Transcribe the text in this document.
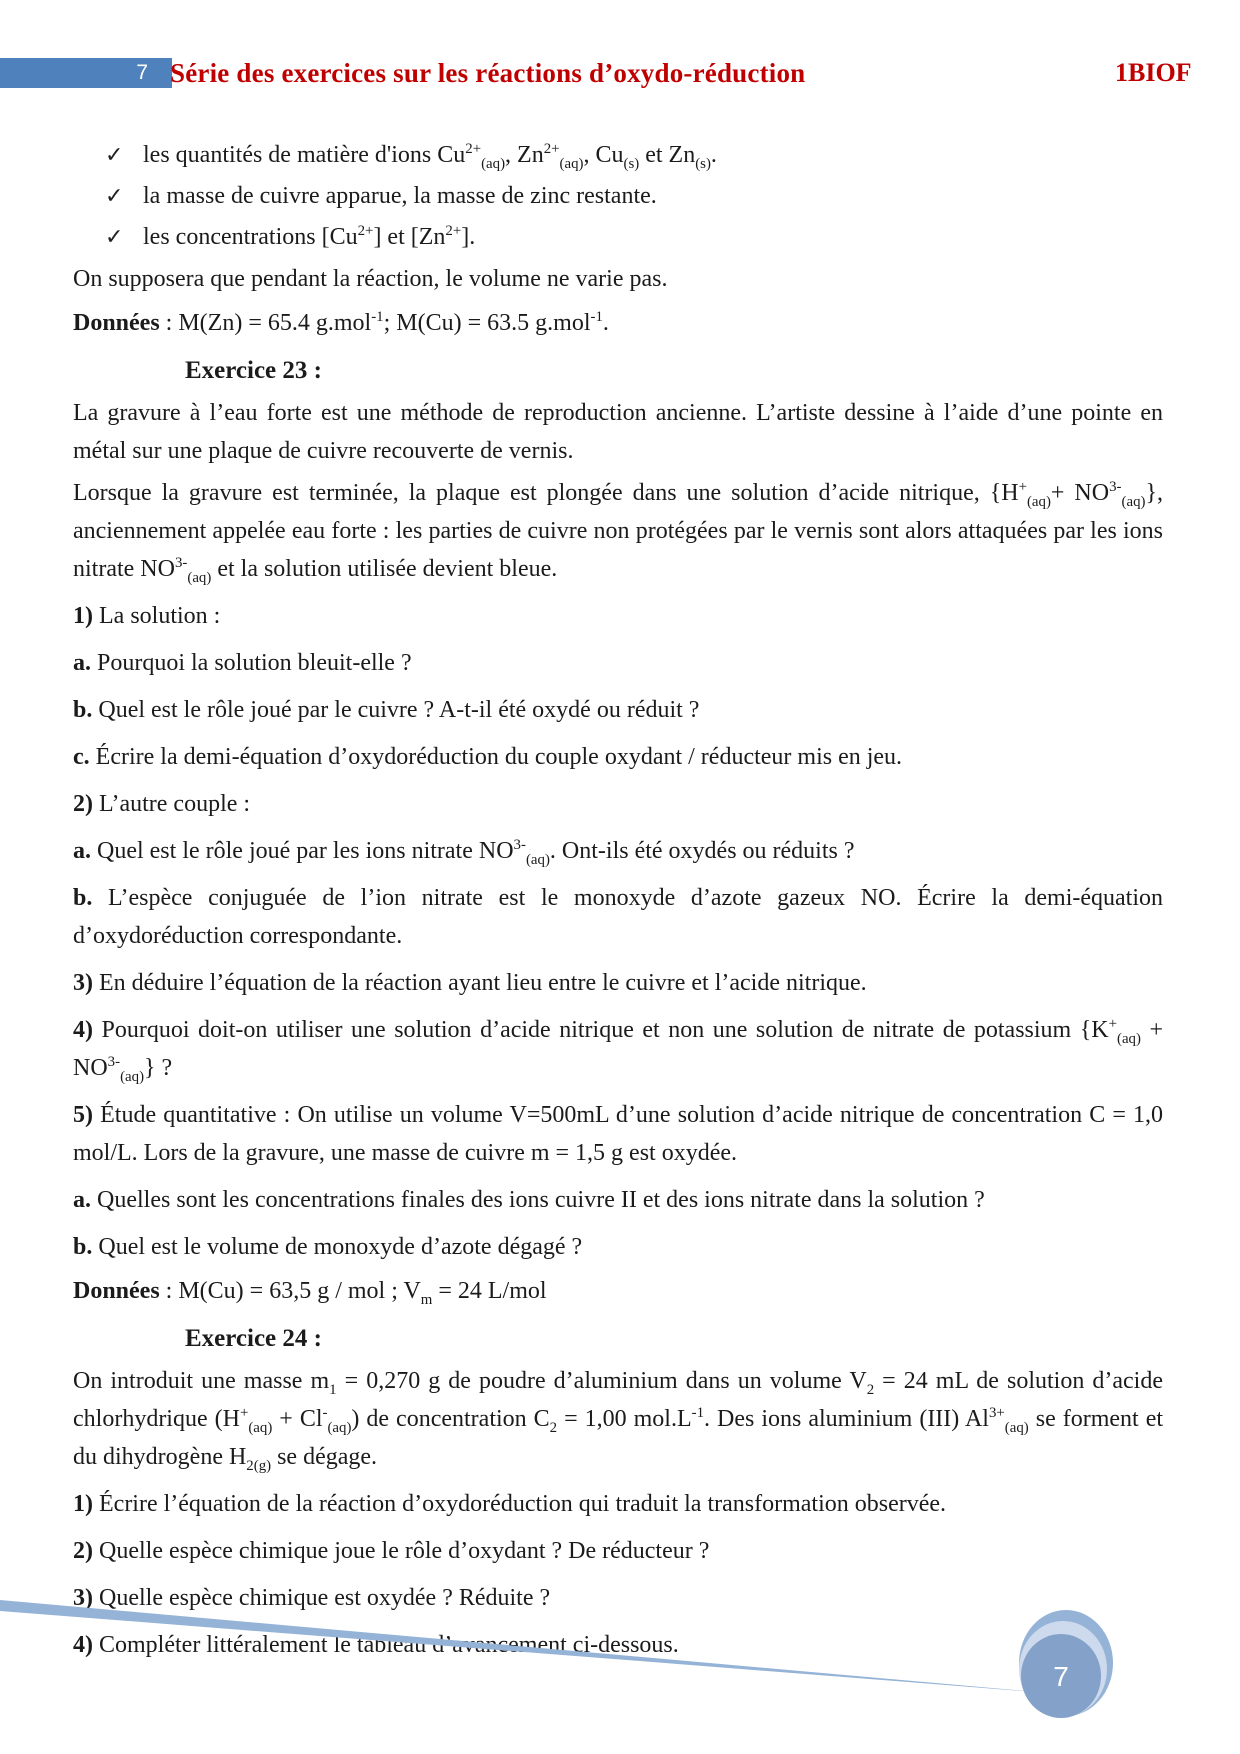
7 Série des exercices sur les réactions d’oxydo-réduction	1BIOF
✓ les quantités de matière d'ions $Cu^{2+}_{(aq)}$, $Zn^{2+}_{(aq)}$, $Cu_{(s)}$ et $Zn_{(s)}$.
✓ la masse de cuivre apparue, la masse de zinc restante.
✓ les concentrations $[Cu^{2+}]$ et $[Zn^{2+}]$.
On supposera que pendant la réaction, le volume ne varie pas.
Données : M(Zn) = 65.4 g.mol$^{-1}$; M(Cu) = 63.5 g.mol$^{-1}$.
Exercice 23 :
La gravure à l’eau forte est une méthode de reproduction ancienne. L’artiste dessine à l’aide d’une pointe en métal sur une plaque de cuivre recouverte de vernis.
Lorsque la gravure est terminée, la plaque est plongée dans une solution d’acide nitrique, $\{H^+_{(aq)}+ NO^{3-}_{(aq)}\}$, anciennement appelée eau forte : les parties de cuivre non protégées par le vernis sont alors attaquées par les ions nitrate $NO^{3-}_{(aq)}$ et la solution utilisée devient bleue.
1) La solution :
a. Pourquoi la solution bleuit-elle ?
b. Quel est le rôle joué par le cuivre ? A-t-il été oxydé ou réduit ?
c. Écrire la demi-équation d’oxydoréduction du couple oxydant / réducteur mis en jeu.
2) L’autre couple :
a. Quel est le rôle joué par les ions nitrate $NO^{3-}_{(aq)}$. Ont-ils été oxydés ou réduits ?
b. L’espèce conjuguée de l’ion nitrate est le monoxyde d’azote gazeux NO. Écrire la demi-équation d’oxydoréduction correspondante.
3) En déduire l’équation de la réaction ayant lieu entre le cuivre et l’acide nitrique.
4) Pourquoi doit-on utiliser une solution d’acide nitrique et non une solution de nitrate de potassium $\{K^+_{(aq)} + NO^{3-}_{(aq)}\}$ ?
5) Étude quantitative : On utilise un volume V=500mL d’une solution d’acide nitrique de concentration C = 1,0 mol/L. Lors de la gravure, une masse de cuivre m = 1,5 g est oxydée.
a. Quelles sont les concentrations finales des ions cuivre II et des ions nitrate dans la solution ?
b. Quel est le volume de monoxyde d’azote dégagé ?
Données : M(Cu) = 63,5 g / mol ; $V_m = 24$ L/mol
Exercice 24 :
On introduit une masse $m_1 = 0,270$ g de poudre d’aluminium dans un volume $V_2 = 24$ mL de solution d’acide chlorhydrique $(H^+_{(aq)} + Cl^-_{(aq)})$ de concentration $C_2 = 1,00$ $mol.L^{-1}$. Des ions aluminium (III) $Al^{3+}_{(aq)}$ se forment et du dihydrogène $H_{2(g)}$ se dégage.
1) Écrire l’équation de la réaction d’oxydoréduction qui traduit la transformation observée.
2) Quelle espèce chimique joue le rôle d’oxydant ? De réducteur ?
3) Quelle espèce chimique est oxydée ? Réduite ?
4) Compléter littéralement le tableau d’avancement ci-dessous.
7
